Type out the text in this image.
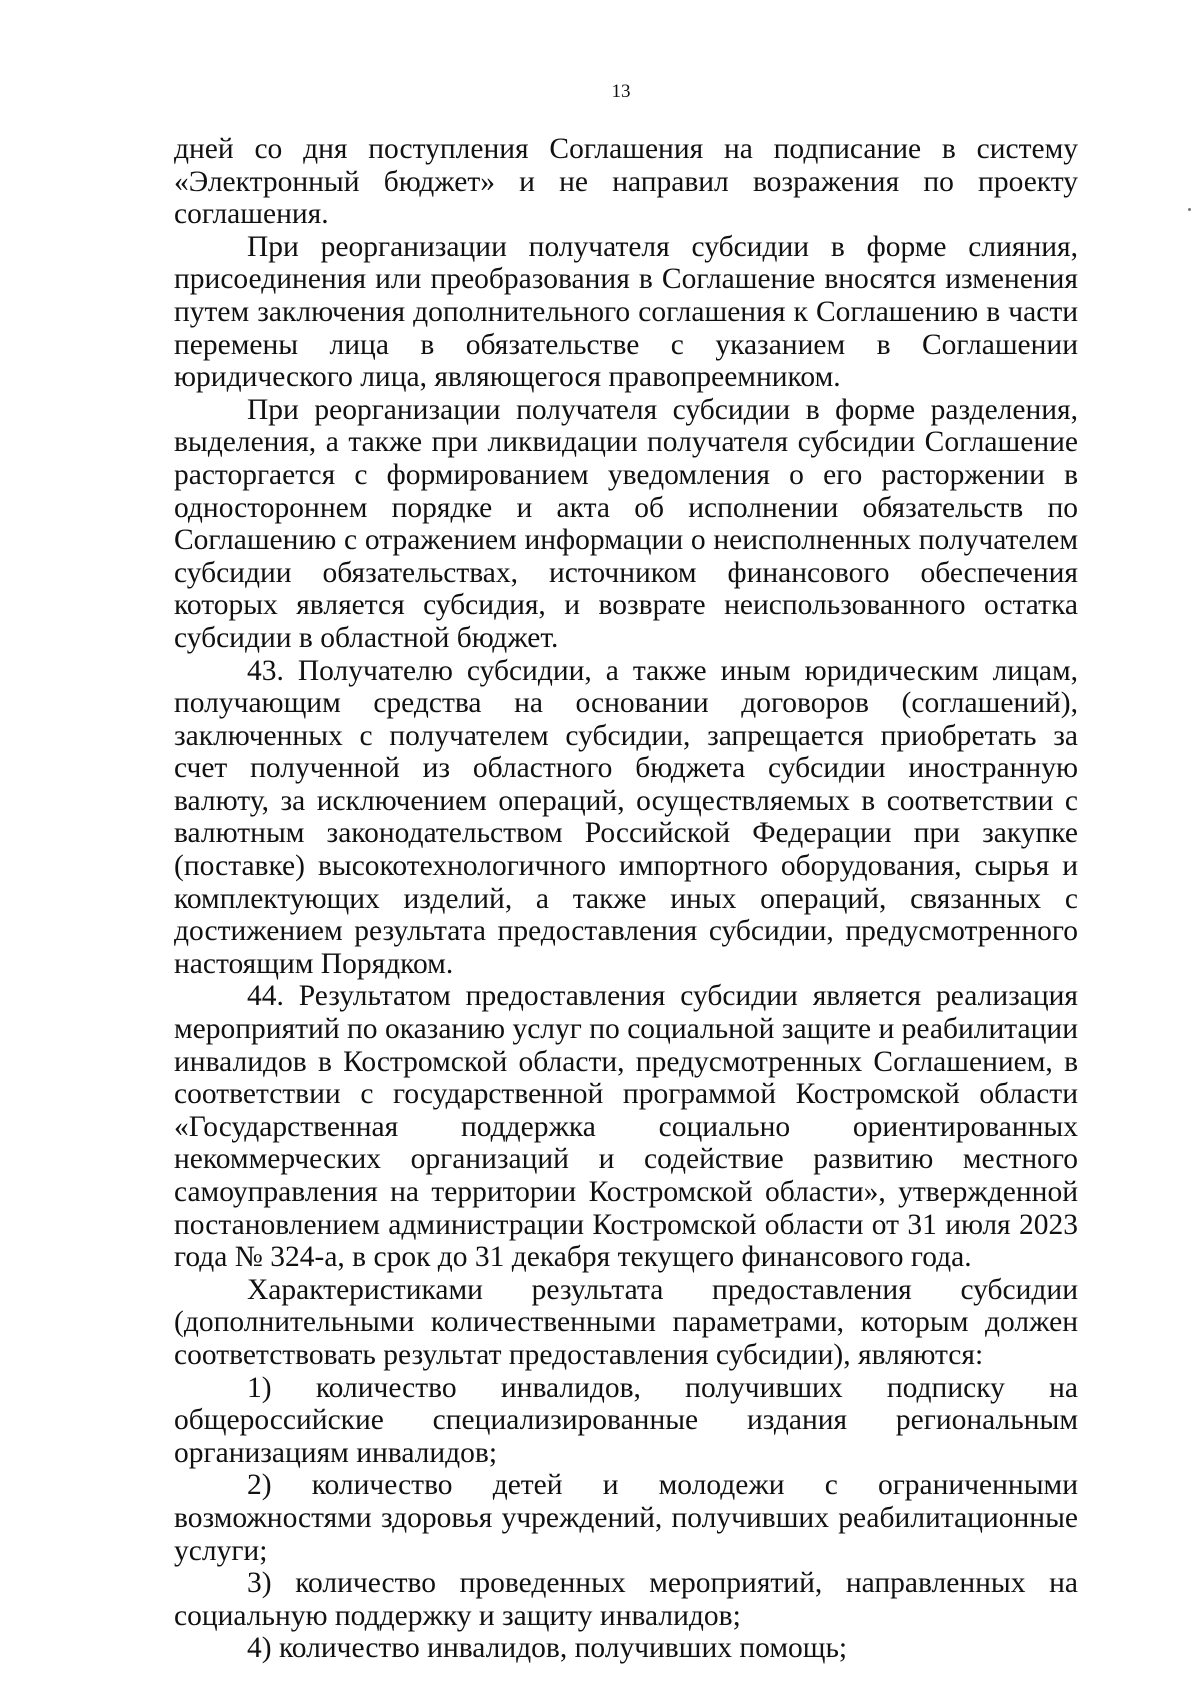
13

дней со дня поступления Соглашения на подписание в систему «Электронный бюджет» и не направил возражения по проекту соглашения.

При реорганизации получателя субсидии в форме слияния, присоединения или преобразования в Соглашение вносятся изменения путем заключения дополнительного соглашения к Соглашению в части перемены лица в обязательстве с указанием в Соглашении юридического лица, являющегося правопреемником.

При реорганизации получателя субсидии в форме разделения, выделения, а также при ликвидации получателя субсидии Соглашение расторгается с формированием уведомления о его расторжении в одностороннем порядке и акта об исполнении обязательств по Соглашению с отражением информации о неисполненных получателем субсидии обязательствах, источником финансового обеспечения которых является субсидия, и возврате неиспользованного остатка субсидии в областной бюджет.

43. Получателю субсидии, а также иным юридическим лицам, получающим средства на основании договоров (соглашений), заключенных с получателем субсидии, запрещается приобретать за счет полученной из областного бюджета субсидии иностранную валюту, за исключением операций, осуществляемых в соответствии с валютным законодательством Российской Федерации при закупке (поставке) высокотехнологичного импортного оборудования, сырья и комплектующих изделий, а также иных операций, связанных с достижением результата предоставления субсидии, предусмотренного настоящим Порядком.

44. Результатом предоставления субсидии является реализация мероприятий по оказанию услуг по социальной защите и реабилитации инвалидов в Костромской области, предусмотренных Соглашением, в соответствии с государственной программой Костромской области «Государственная поддержка социально ориентированных некоммерческих организаций и содействие развитию местного самоуправления на территории Костромской области», утвержденной постановлением администрации Костромской области от 31 июля 2023 года № 324-а, в срок до 31 декабря текущего финансового года.

Характеристиками результата предоставления субсидии (дополнительными количественными параметрами, которым должен соответствовать результат предоставления субсидии), являются:

1) количество инвалидов, получивших подписку на общероссийские специализированные издания региональным организациям инвалидов;

2) количество детей и молодежи с ограниченными возможностями здоровья учреждений, получивших реабилитационные услуги;

3) количество проведенных мероприятий, направленных на социальную поддержку и защиту инвалидов;

4) количество инвалидов, получивших помощь;
